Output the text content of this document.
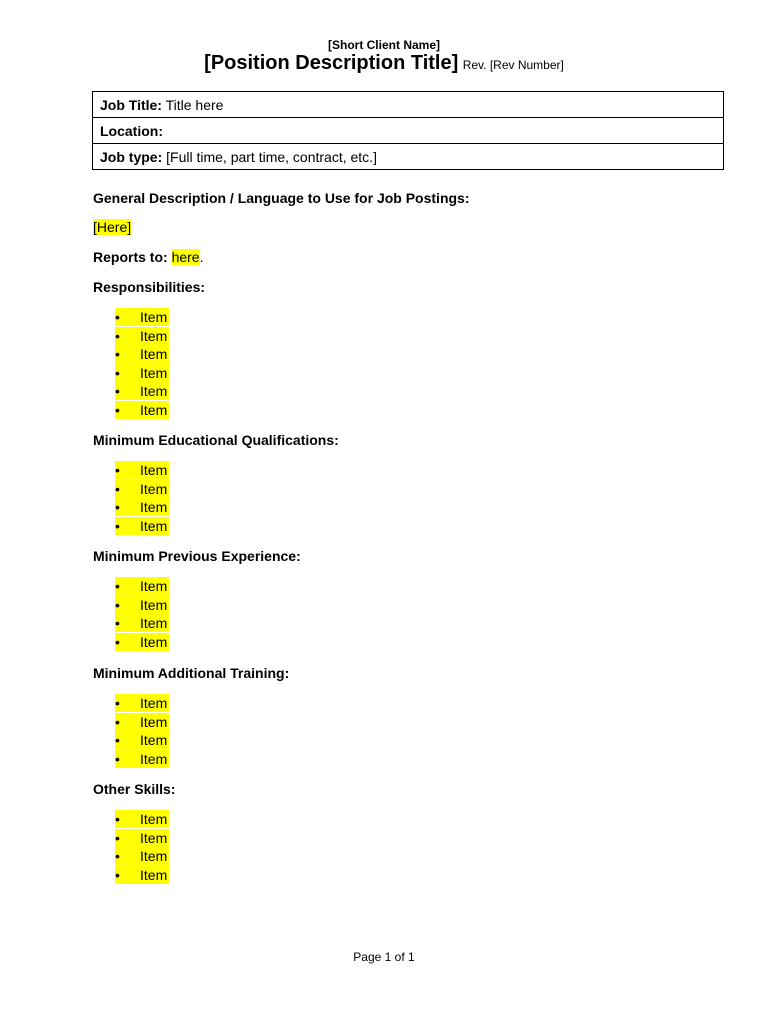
[Short Client Name]
[Position Description Title] Rev. [Rev Number]
Job Title: Title here
Location:
Job type: [Full time, part time, contract, etc.]
General Description / Language to Use for Job Postings:
[Here]
Reports to: here.
Responsibilities:
• Item
• Item
• Item
• Item
• Item
• Item
Minimum Educational Qualifications:
• Item
• Item
• Item
• Item
Minimum Previous Experience:
• Item
• Item
• Item
• Item
Minimum Additional Training:
• Item
• Item
• Item
• Item
Other Skills:
• Item
• Item
• Item
• Item
Page 1 of 1
